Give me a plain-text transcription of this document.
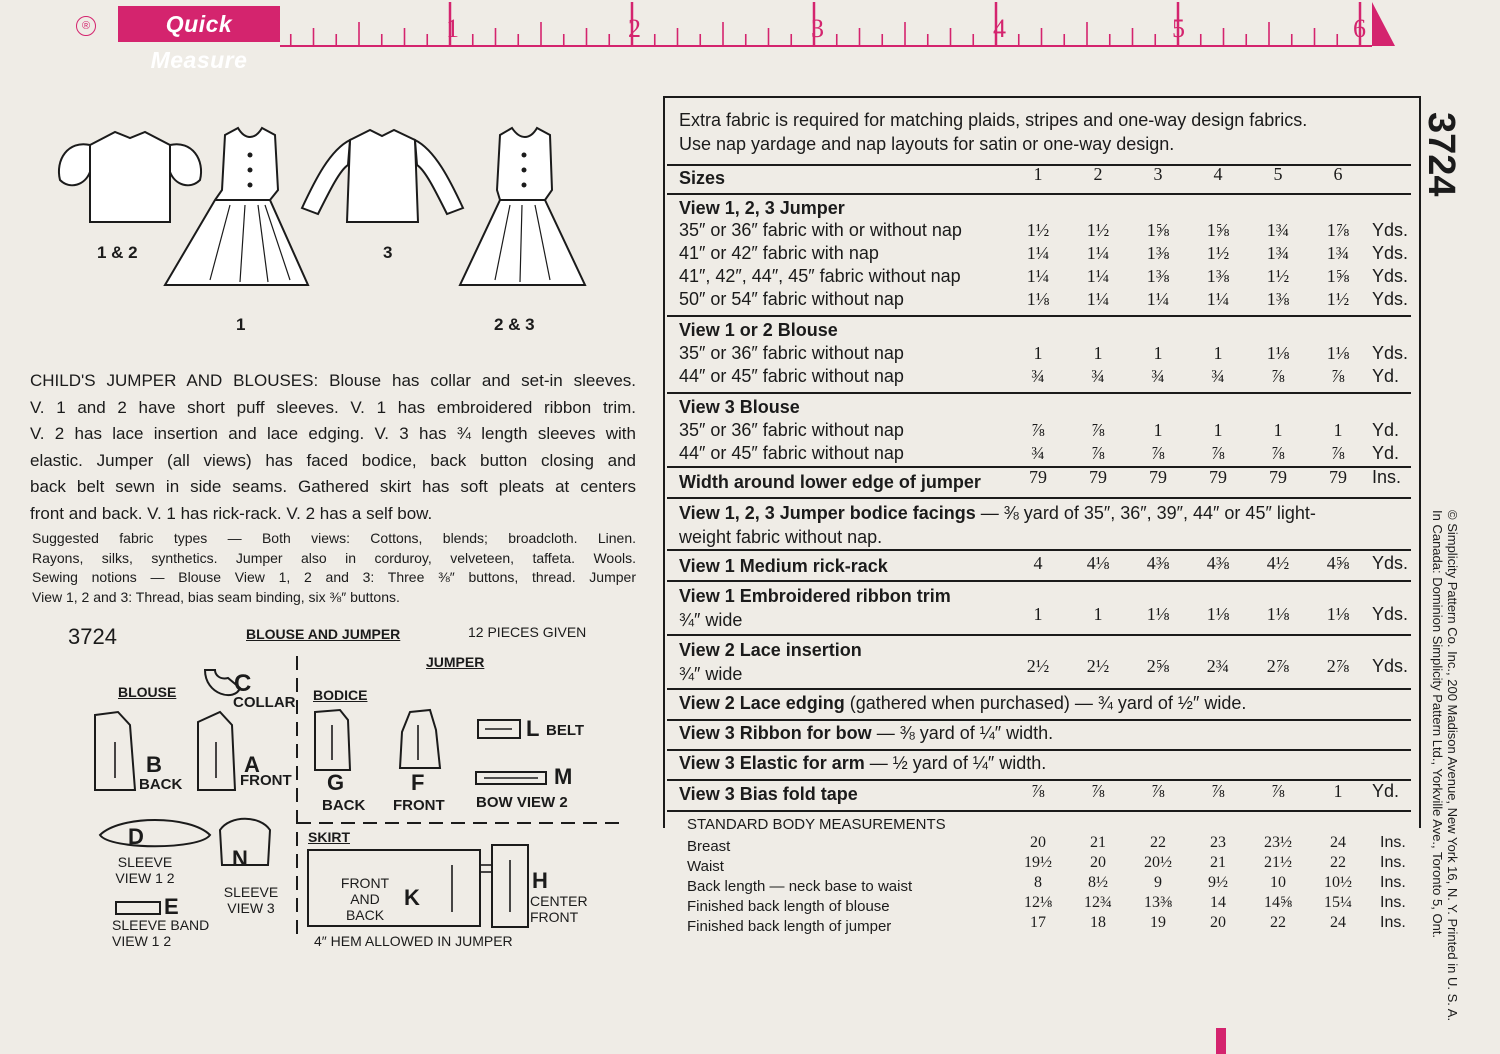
®	Quick Measure
1	2	3	4	5	6
1 & 2
1
3
2 & 3
CHILD'S JUMPER AND BLOUSES: Blouse has collar and set-in sleeves.
V. 1 and 2 have short puff sleeves. V. 1 has embroidered ribbon trim.
V. 2 has lace insertion and lace edging. V. 3 has ¾ length sleeves with
elastic. Jumper (all views) has faced bodice, back button closing and
back belt sewn in side seams. Gathered skirt has soft pleats at centers
front and back. V. 1 has rick-rack. V. 2 has a self bow.
Suggested fabric types — Both views: Cottons, blends; broadcloth. Linen.
Rayons, silks, synthetics. Jumper also in corduroy, velveteen, taffeta. Wools.
Sewing notions — Blouse View 1, 2 and 3: Three ⅜″ buttons, thread. Jumper
View 1, 2 and 3: Thread, bias seam binding, six ⅜″ buttons.
3724	BLOUSE AND JUMPER	12 PIECES GIVEN
JUMPER
BLOUSE	BODICE
SKIRT
C
COLLAR
B
BACK
A
FRONT G
BACK
F
FRONT
L BELT
M
BOW VIEW 2
D
SLEEVE
VIEW 1 2
N
SLEEVE
VIEW 3
E
SLEEVE BAND
VIEW 1 2
K
FRONT
AND
BACK
H
CENTER
FRONT
4″ HEM ALLOWED IN JUMPER
Extra fabric is required for matching plaids, stripes and one-way design fabrics.
Use nap yardage and nap layouts for satin or one-way design.
Sizes	1	2	3	4	5	6
View 1, 2, 3 Jumper
35″ or 36″ fabric with or without nap	1½	1½	1⅝	1⅝	1¾	1⅞	Yds.
41″ or 42″ fabric with nap	1¼	1¼	1⅜	1½	1¾	1¾	Yds.
41″, 42″, 44″, 45″ fabric without nap	1¼	1¼	1⅜	1⅜	1½	1⅝	Yds.
50″ or 54″ fabric without nap	1⅛	1¼	1¼	1¼	1⅜	1½	Yds.
View 1 or 2 Blouse
35″ or 36″ fabric without nap	1	1	1	1	1⅛	1⅛	Yds.
44″ or 45″ fabric without nap	¾	¾	¾	¾	⅞	⅞	Yd.
View 3 Blouse
35″ or 36″ fabric without nap	⅞	⅞	1	1	1	1	Yd.
44″ or 45″ fabric without nap	¾	⅞	⅞	⅞	⅞	⅞	Yd.
Width around lower edge of jumper	79	79	79	79	79	79	Ins.
View 1, 2, 3 Jumper bodice facings — ⅜ yard of 35″, 36″, 39″, 44″ or 45″ light-
weight fabric without nap.
View 1 Medium rick-rack	4	4⅛	4⅜	4⅜	4½	4⅝	Yds.
View 1 Embroidered ribbon trim
¾″ wide	1	1	1⅛	1⅛	1⅛	1⅛	Yds.
View 2 Lace insertion
¾″ wide	2½	2½	2⅝	2¾	2⅞	2⅞	Yds.
View 2 Lace edging (gathered when purchased) — ¾ yard of ½″ wide.
View 3 Ribbon for bow — ⅜ yard of ¼″ width.
View 3 Elastic for arm — ½ yard of ¼″ width.
View 3 Bias fold tape	⅞	⅞	⅞	⅞	⅞	1	Yd.
STANDARD BODY MEASUREMENTS
Breast	20	21	22	23	23½	24	Ins.
Waist	19½	20	20½	21	21½	22	Ins.
Back length — neck base to waist	8	8½	9	9½	10	10½	Ins.
Finished back length of blouse	12⅛	12¾	13⅜	14	14⅝	15¼	Ins.
Finished back length of jumper	17	18	19	20	22	24	Ins.
3724
© Simplicity Pattern Co. Inc., 200 Madison Avenue, New York 16, N. Y. Printed in U. S. A.
In Canada: Dominion Simplicity Pattern Ltd., Yorkville Ave., Toronto 5, Ont.
